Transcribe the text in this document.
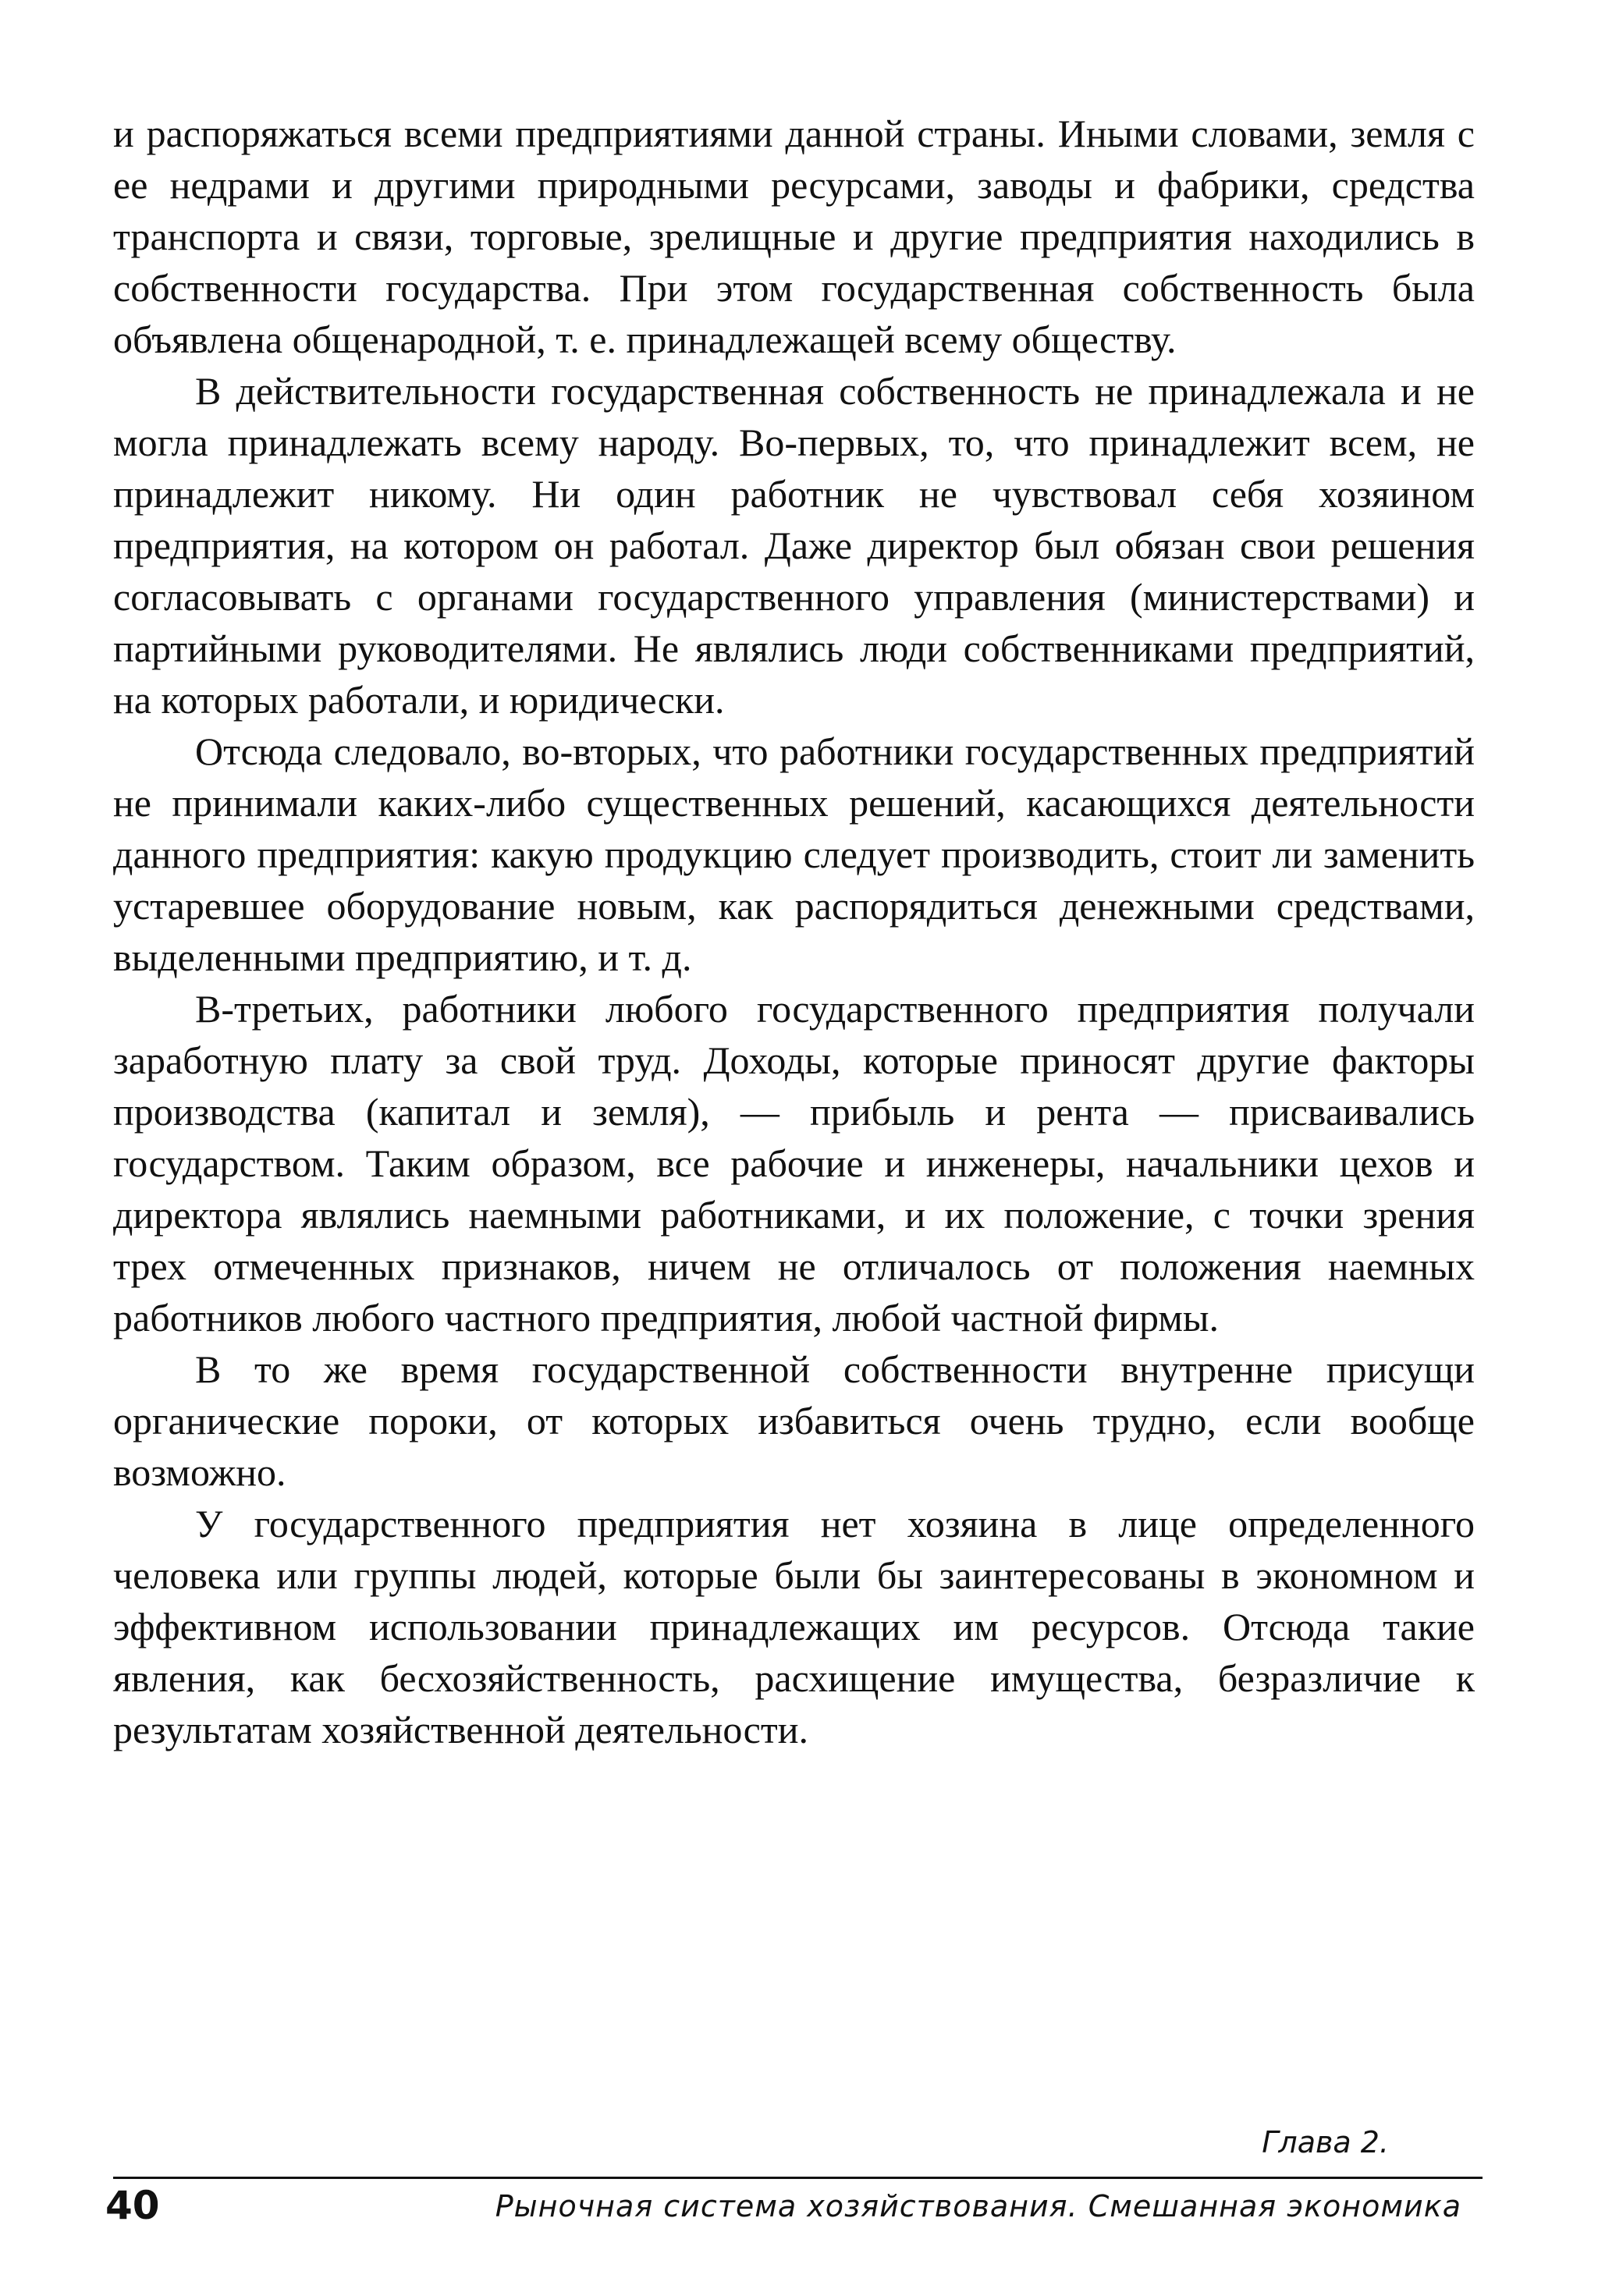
и распоряжаться всеми предприятиями данной страны. Иными словами, земля с ее недрами и другими природными ресурсами, заводы и фабрики, средства транспорта и связи, торговые, зрелищные и другие предприятия находились в собственности государства. При этом государственная собственность была объявлена общенародной, т. е. принадлежащей всему обществу.

В действительности государственная собственность не принадлежала и не могла принадлежать всему народу. Во-первых, то, что принадлежит всем, не принадлежит никому. Ни один работник не чувствовал себя хозяином предприятия, на котором он работал. Даже директор был обязан свои решения согласовывать с органами государственного управления (министерствами) и партийными руководителями. Не являлись люди собственниками предприятий, на которых работали, и юридически.

Отсюда следовало, во-вторых, что работники государственных предприятий не принимали каких-либо существенных решений, касающихся деятельности данного предприятия: какую продукцию следует производить, стоит ли заменить устаревшее оборудование новым, как распорядиться денежными средствами, выделенными предприятию, и т. д.

В-третьих, работники любого государственного предприятия получали заработную плату за свой труд. Доходы, которые приносят другие факторы производства (капитал и земля), — прибыль и рента — присваивались государством. Таким образом, все рабочие и инженеры, начальники цехов и директора являлись наемными работниками, и их положение, с точки зрения трех отмеченных признаков, ничем не отличалось от положения наемных работников любого частного предприятия, любой частной фирмы.

В то же время государственной собственности внутренне присущи органические пороки, от которых избавиться очень трудно, если вообще возможно.

У государственного предприятия нет хозяина в лице определенного человека или группы людей, которые были бы заинтересованы в экономном и эффективном использовании принадлежащих им ресурсов. Отсюда такие явления, как бесхозяйственность, расхищение имущества, безразличие к результатам хозяйственной деятельности.

Глава 2.
40	Рыночная система хозяйствования. Смешанная экономика
